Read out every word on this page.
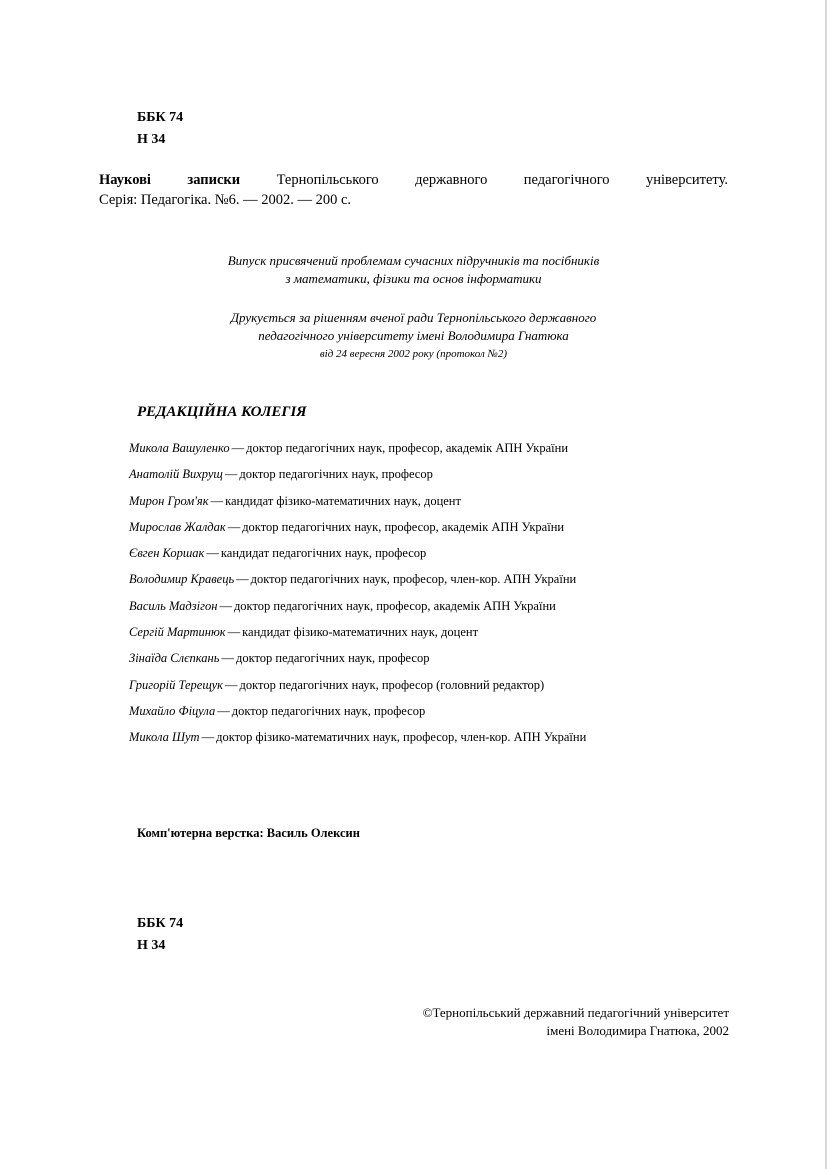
ББК 74
Н 34
Наукові записки	Тернопільського державного педагогічного університету.
Серія: Педагогіка. №6. — 2002. — 200 с.
Випуск присвячений проблемам сучасних підручників та посібників
з математики, фізики та основ інформатики
Друкується за рішенням вченої ради Тернопільського державного
педагогічного університету імені Володимира Гнатюка
від 24 вересня 2002 року (протокол №2)
РЕДАКЦІЙНА КОЛЕГІЯ
Микола Вашуленко — доктор педагогічних наук, професор, академік АПН України
Анатолій Вихрущ — доктор педагогічних наук, професор
Мирон Гром'як — кандидат фізико-математичних наук, доцент
Мирослав Жалдак — доктор педагогічних наук, професор, академік АПН України
Євген Коршак — кандидат педагогічних наук, професор
Володимир Кравець — доктор педагогічних наук, професор, член-кор. АПН України
Василь Мадзігон — доктор педагогічних наук, професор, академік АПН України
Сергій Мартинюк — кандидат фізико-математичних наук, доцент
Зінаїда Слєпкань — доктор педагогічних наук, професор
Григорій Терещук — доктор педагогічних наук, професор (головний редактор)
Михайло Фіцула — доктор педагогічних наук, професор
Микола Шут — доктор фізико-математичних наук, професор, член-кор. АПН України
Комп'ютерна верстка: Василь Олексин
ББК 74
Н 34
©Тернопільський державний педагогічний університет
імені Володимира Гнатюка, 2002
